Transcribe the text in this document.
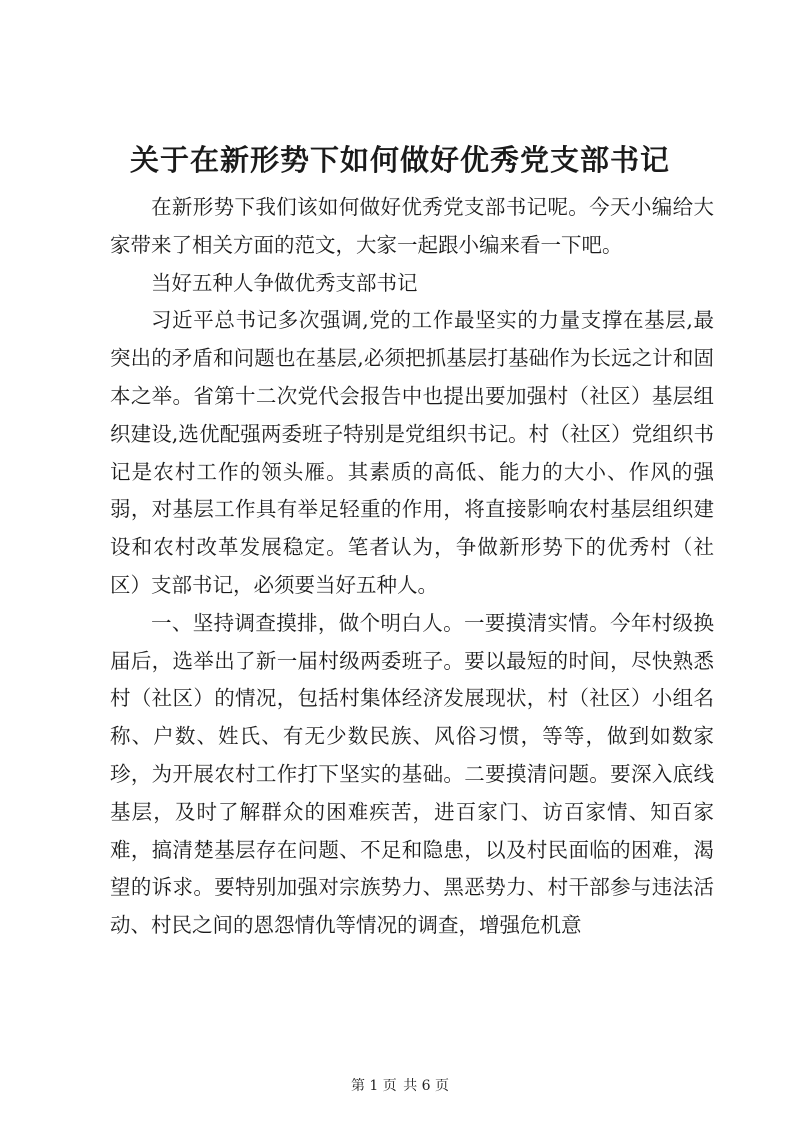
关于在新形势下如何做好优秀党支部书记

在新形势下我们该如何做好优秀党支部书记呢。今天小编给大家带来了相关方面的范文，大家一起跟小编来看一下吧。

当好五种人争做优秀支部书记

习近平总书记多次强调,党的工作最坚实的力量支撑在基层,最突出的矛盾和问题也在基层,必须把抓基层打基础作为长远之计和固本之举。省第十二次党代会报告中也提出要加强村（社区）基层组织建设,选优配强两委班子特别是党组织书记。村（社区）党组织书记是农村工作的领头雁。其素质的高低、能力的大小、作风的强弱，对基层工作具有举足轻重的作用，将直接影响农村基层组织建设和农村改革发展稳定。笔者认为，争做新形势下的优秀村（社区）支部书记，必须要当好五种人。

一、坚持调查摸排，做个明白人。一要摸清实情。今年村级换届后，选举出了新一届村级两委班子。要以最短的时间，尽快熟悉村（社区）的情况，包括村集体经济发展现状，村（社区）小组名称、户数、姓氏、有无少数民族、风俗习惯，等等，做到如数家珍，为开展农村工作打下坚实的基础。二要摸清问题。要深入底线基层，及时了解群众的困难疾苦，进百家门、访百家情、知百家难，搞清楚基层存在问题、不足和隐患，以及村民面临的困难，渴望的诉求。要特别加强对宗族势力、黑恶势力、村干部参与违法活动、村民之间的恩怨情仇等情况的调查，增强危机意

第 1 页 共 6 页
